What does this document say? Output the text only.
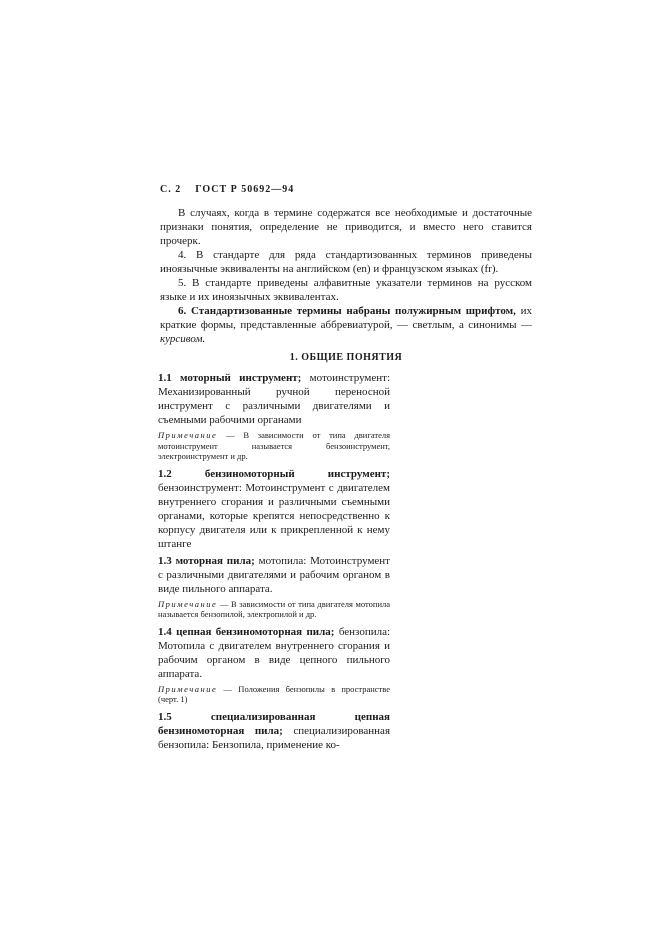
С. 2 ГОСТ Р 50692—94

В случаях, когда в термине содержатся все необходимые и достаточные признаки понятия, определение не приводится, и вместо него ставится прочерк.

4. В стандарте для ряда стандартизованных терминов приведены иноязычные эквиваленты на английском (en) и французском языках (fr).

5. В стандарте приведены алфавитные указатели терминов на русском языке и их иноязычных эквивалентах.

6. Стандартизованные термины набраны полужирным шрифтом, их краткие формы, представленные аббревиатурой, — светлым, а синонимы — курсивом.

1. ОБЩИЕ ПОНЯТИЯ

1.1 моторный инструмент; мотоинструмент: Механизированный ручной переносной инструмент с различными двигателями и съемными рабочими органами

Примечание — В зависимости от типа двигателя мотоинструмент называется бензоинструмент, электроинструмент и др.

1.2	бензиномоторный инструмент; бензоинструмент: Мотоинструмент с двигателем внутреннего сгорания и различными съемными органами, которые крепятся непосредственно к корпусу двигателя или к прикрепленной к нему штанге

1.3 моторная пила; мотопила: Мотоинструмент с различными двигателями и рабочим органом в виде пильного аппарата.

Примечание — В зависимости от типа двигателя мотопила называется бензопилой, электропилой и др.

1.4 цепная бензиномоторная пила; бензопила: Мотопила с двигателем внутреннего сгорания и рабочим органом в виде цепного пильного аппарата.

Примечание — Положения бензопилы в пространстве (черт. 1)

1.5	специализированная цепная бензиномоторная пила; специализированная бензопила: Бензопила, применение ко-
